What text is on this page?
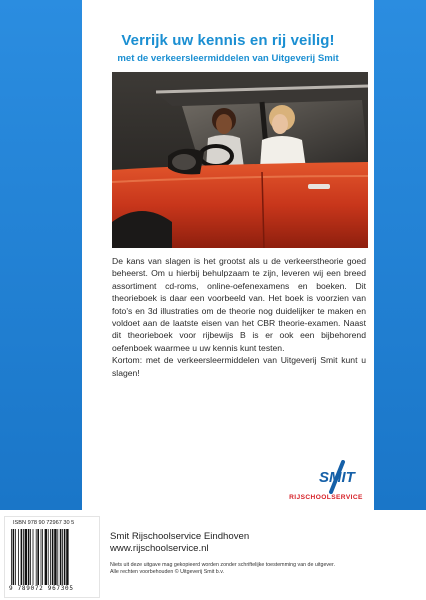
Verrijk uw kennis en rij veilig!
met de verkeersleermiddelen van Uitgeverij Smit

De kans van slagen is het grootst als u de verkeerstheorie goed beheerst. Om u hierbij behulpzaam te zijn, leveren wij een breed assortiment cd-roms, online-oefenexamens en boeken. Dit theorieboek is daar een voorbeeld van. Het boek is voorzien van foto's en 3d illustraties om de theorie nog duidelijker te maken en voldoet aan de laatste eisen van het CBR theorie-examen. Naast dit theorieboek voor rijbewijs B is er ook een bijbehorend oefenboek waarmee u uw kennis kunt testen.

Kortom: met de verkeersleermiddelen van Uitgeverij Smit kunt u slagen!

SMIT
RIJSCHOOLSERVICE
ISBN 978 90 72967 30 5
9 789072 967305
Smit Rijschoolservice Eindhoven
www.rijschoolservice.nl
Niets uit deze uitgave mag gekopieerd worden zonder schriftelijke toestemming van de uitgever.
Alle rechten voorbehouden © Uitgeverij Smit b.v.
